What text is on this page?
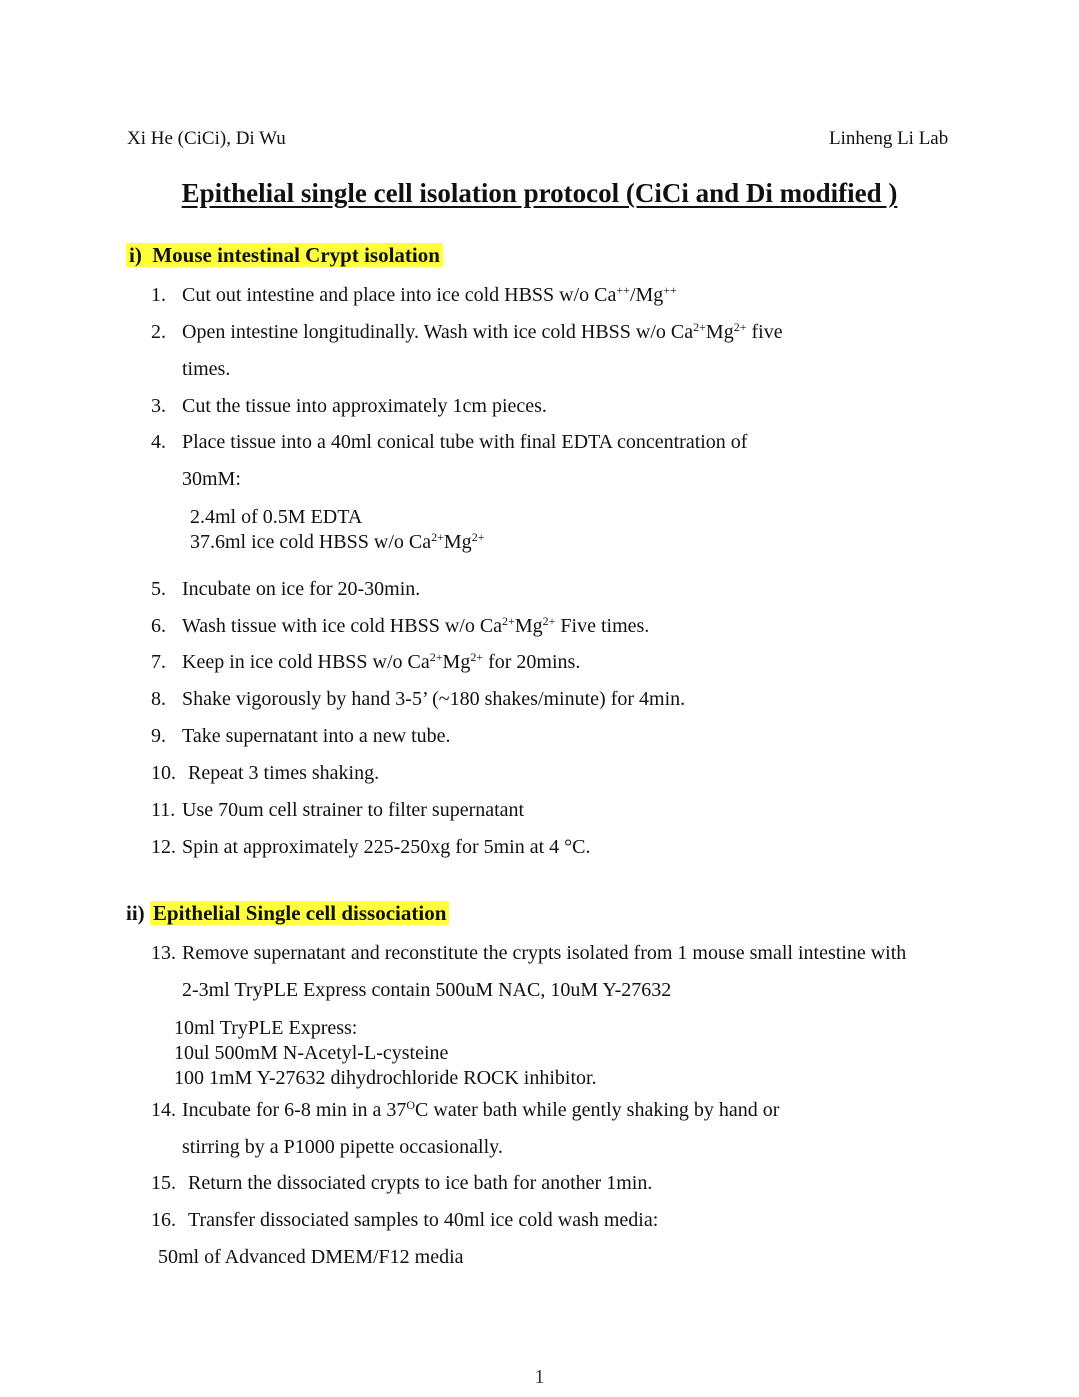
Xi He (CiCi), Di Wu	Linheng Li Lab
Epithelial single cell isolation protocol (CiCi and Di modified )
i) Mouse intestinal Crypt isolation
1. Cut out intestine and place into ice cold HBSS w/o Ca++/Mg++
2. Open intestine longitudinally. Wash with ice cold HBSS w/o $Ca^{2+}Mg^{2+}$ five
times.
3. Cut the tissue into approximately 1cm pieces.
4. Place tissue into a 40ml conical tube with final EDTA concentration of
30mM:
2.4ml of 0.5M EDTA
37.6ml ice cold HBSS w/o $Ca^{2+}Mg^{2+}$
5. Incubate on ice for 20-30min.
6. Wash tissue with ice cold HBSS w/o $Ca^{2+}Mg^{2+}$ Five times.
7. Keep in ice cold HBSS w/o $Ca^{2+}Mg^{2+}$ for 20mins.
8. Shake vigorously by hand 3-5’ (~180 shakes/minute) for 4min.
9. Take supernatant into a new tube.
10. Repeat 3 times shaking.
11. Use 70um cell strainer to filter supernatant
12. Spin at approximately 225-250xg for 5min at 4 °C.
ii) Epithelial Single cell dissociation
13. Remove supernatant and reconstitute the crypts isolated from 1 mouse small intestine with
2-3ml TryPLE Express contain 500uM NAC, 10uM Y-27632
10ml TryPLE Express:
10ul 500mM N-Acetyl-L-cysteine
100 1mM Y-27632 dihydrochloride ROCK inhibitor.
14. Incubate for 6-8 min in a $37^OC$ water bath while gently shaking by hand or
stirring by a P1000 pipette occasionally.
15. Return the dissociated crypts to ice bath for another 1min.
16. Transfer dissociated samples to 40ml ice cold wash media:
50ml of Advanced DMEM/F12 media
1
